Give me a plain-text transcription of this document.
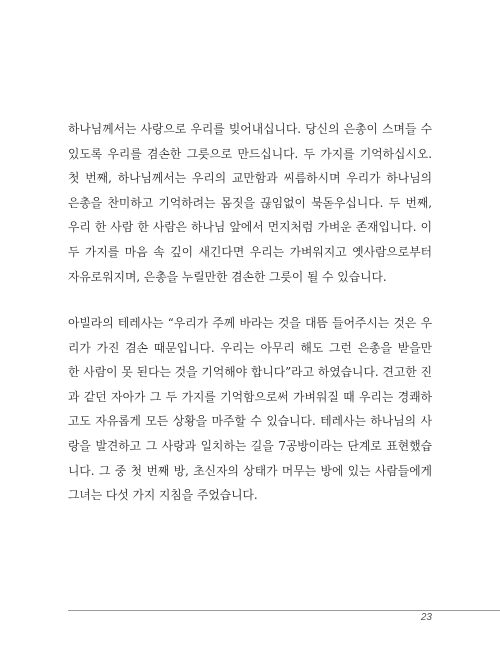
하나님께서는 사랑으로 우리를 빚어내십니다. 당신의 은총이 스며들 수
있도록 우리를 겸손한 그릇으로 만드십니다. 두 가지를 기억하십시오.
첫 번째, 하나님께서는 우리의 교만함과 씨름하시며 우리가 하나님의
은총을 찬미하고 기억하려는 몸짓을 끊임없이 북돋우십니다. 두 번째,
우리 한 사람 한 사람은 하나님 앞에서 먼지처럼 가벼운 존재입니다. 이
두 가지를 마음 속 깊이 새긴다면 우리는 가벼워지고 옛사람으로부터
자유로워지며, 은총을 누릴만한 겸손한 그릇이 될 수 있습니다.
아빌라의 테레사는 “우리가 주께 바라는 것을 대뜸 들어주시는 것은 우
리가 가진 겸손 때문입니다. 우리는 아무리 해도 그런 은총을 받을만
한 사람이 못 된다는 것을 기억해야 합니다”라고 하였습니다. 견고한 진
과 같던 자아가 그 두 가지를 기억함으로써 가벼워질 때 우리는 경쾌하
고도 자유롭게 모든 상황을 마주할 수 있습니다. 테레사는 하나님의 사
랑을 발견하고 그 사랑과 일치하는 길을 7공방이라는 단계로 표현했습
니다. 그 중 첫 번째 방, 초신자의 상태가 머무는 방에 있는 사람들에게
그녀는 다섯 가지 지침을 주었습니다.
23
